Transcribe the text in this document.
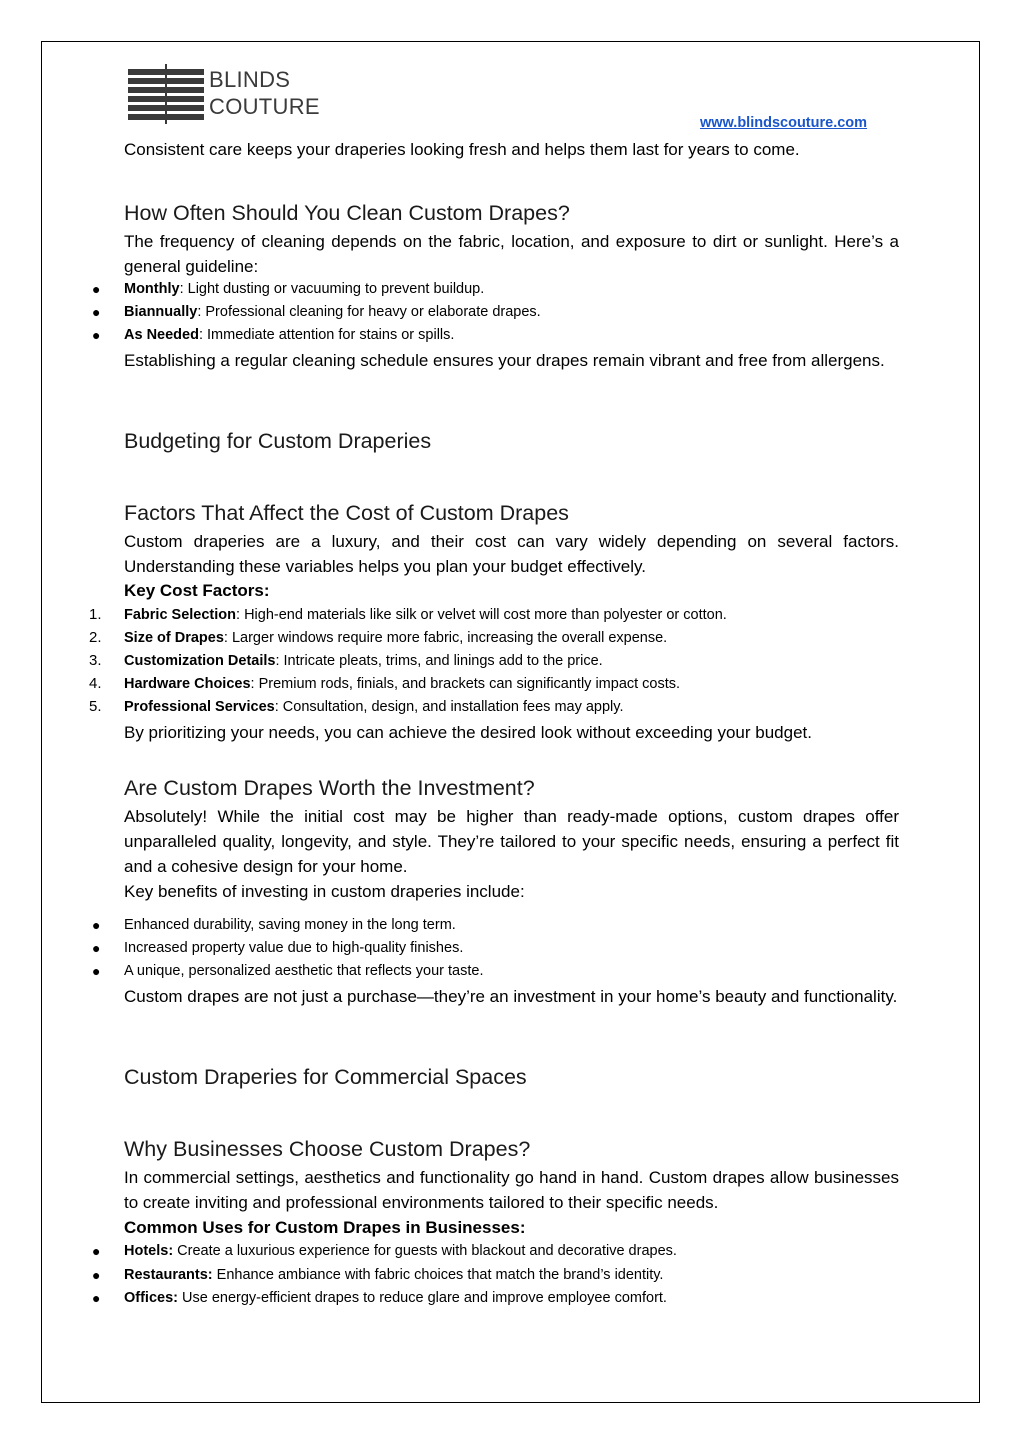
BLINDS
COUTURE
www.blindscouture.com
Consistent care keeps your draperies looking fresh and helps them last for years to come.
How Often Should You Clean Custom Drapes?
The frequency of cleaning depends on the fabric, location, and exposure to dirt or sunlight. Here’s a general guideline:
● Monthly: Light dusting or vacuuming to prevent buildup.
● Biannually: Professional cleaning for heavy or elaborate drapes.
● As Needed: Immediate attention for stains or spills.
Establishing a regular cleaning schedule ensures your drapes remain vibrant and free from allergens.
Budgeting for Custom Draperies
Factors That Affect the Cost of Custom Drapes
Custom draperies are a luxury, and their cost can vary widely depending on several factors. Understanding these variables helps you plan your budget effectively.
Key Cost Factors:
1. Fabric Selection: High-end materials like silk or velvet will cost more than polyester or cotton.
2. Size of Drapes: Larger windows require more fabric, increasing the overall expense.
3. Customization Details: Intricate pleats, trims, and linings add to the price.
4. Hardware Choices: Premium rods, finials, and brackets can significantly impact costs.
5. Professional Services: Consultation, design, and installation fees may apply.
By prioritizing your needs, you can achieve the desired look without exceeding your budget.
Are Custom Drapes Worth the Investment?
Absolutely! While the initial cost may be higher than ready-made options, custom drapes offer unparalleled quality, longevity, and style. They’re tailored to your specific needs, ensuring a perfect fit and a cohesive design for your home.
Key benefits of investing in custom draperies include:
● Enhanced durability, saving money in the long term.
● Increased property value due to high-quality finishes.
● A unique, personalized aesthetic that reflects your taste.
Custom drapes are not just a purchase—they’re an investment in your home’s beauty and functionality.
Custom Draperies for Commercial Spaces
Why Businesses Choose Custom Drapes?
In commercial settings, aesthetics and functionality go hand in hand. Custom drapes allow businesses to create inviting and professional environments tailored to their specific needs.
Common Uses for Custom Drapes in Businesses:
● Hotels: Create a luxurious experience for guests with blackout and decorative drapes.
● Restaurants: Enhance ambiance with fabric choices that match the brand’s identity.
● Offices: Use energy-efficient drapes to reduce glare and improve employee comfort.
